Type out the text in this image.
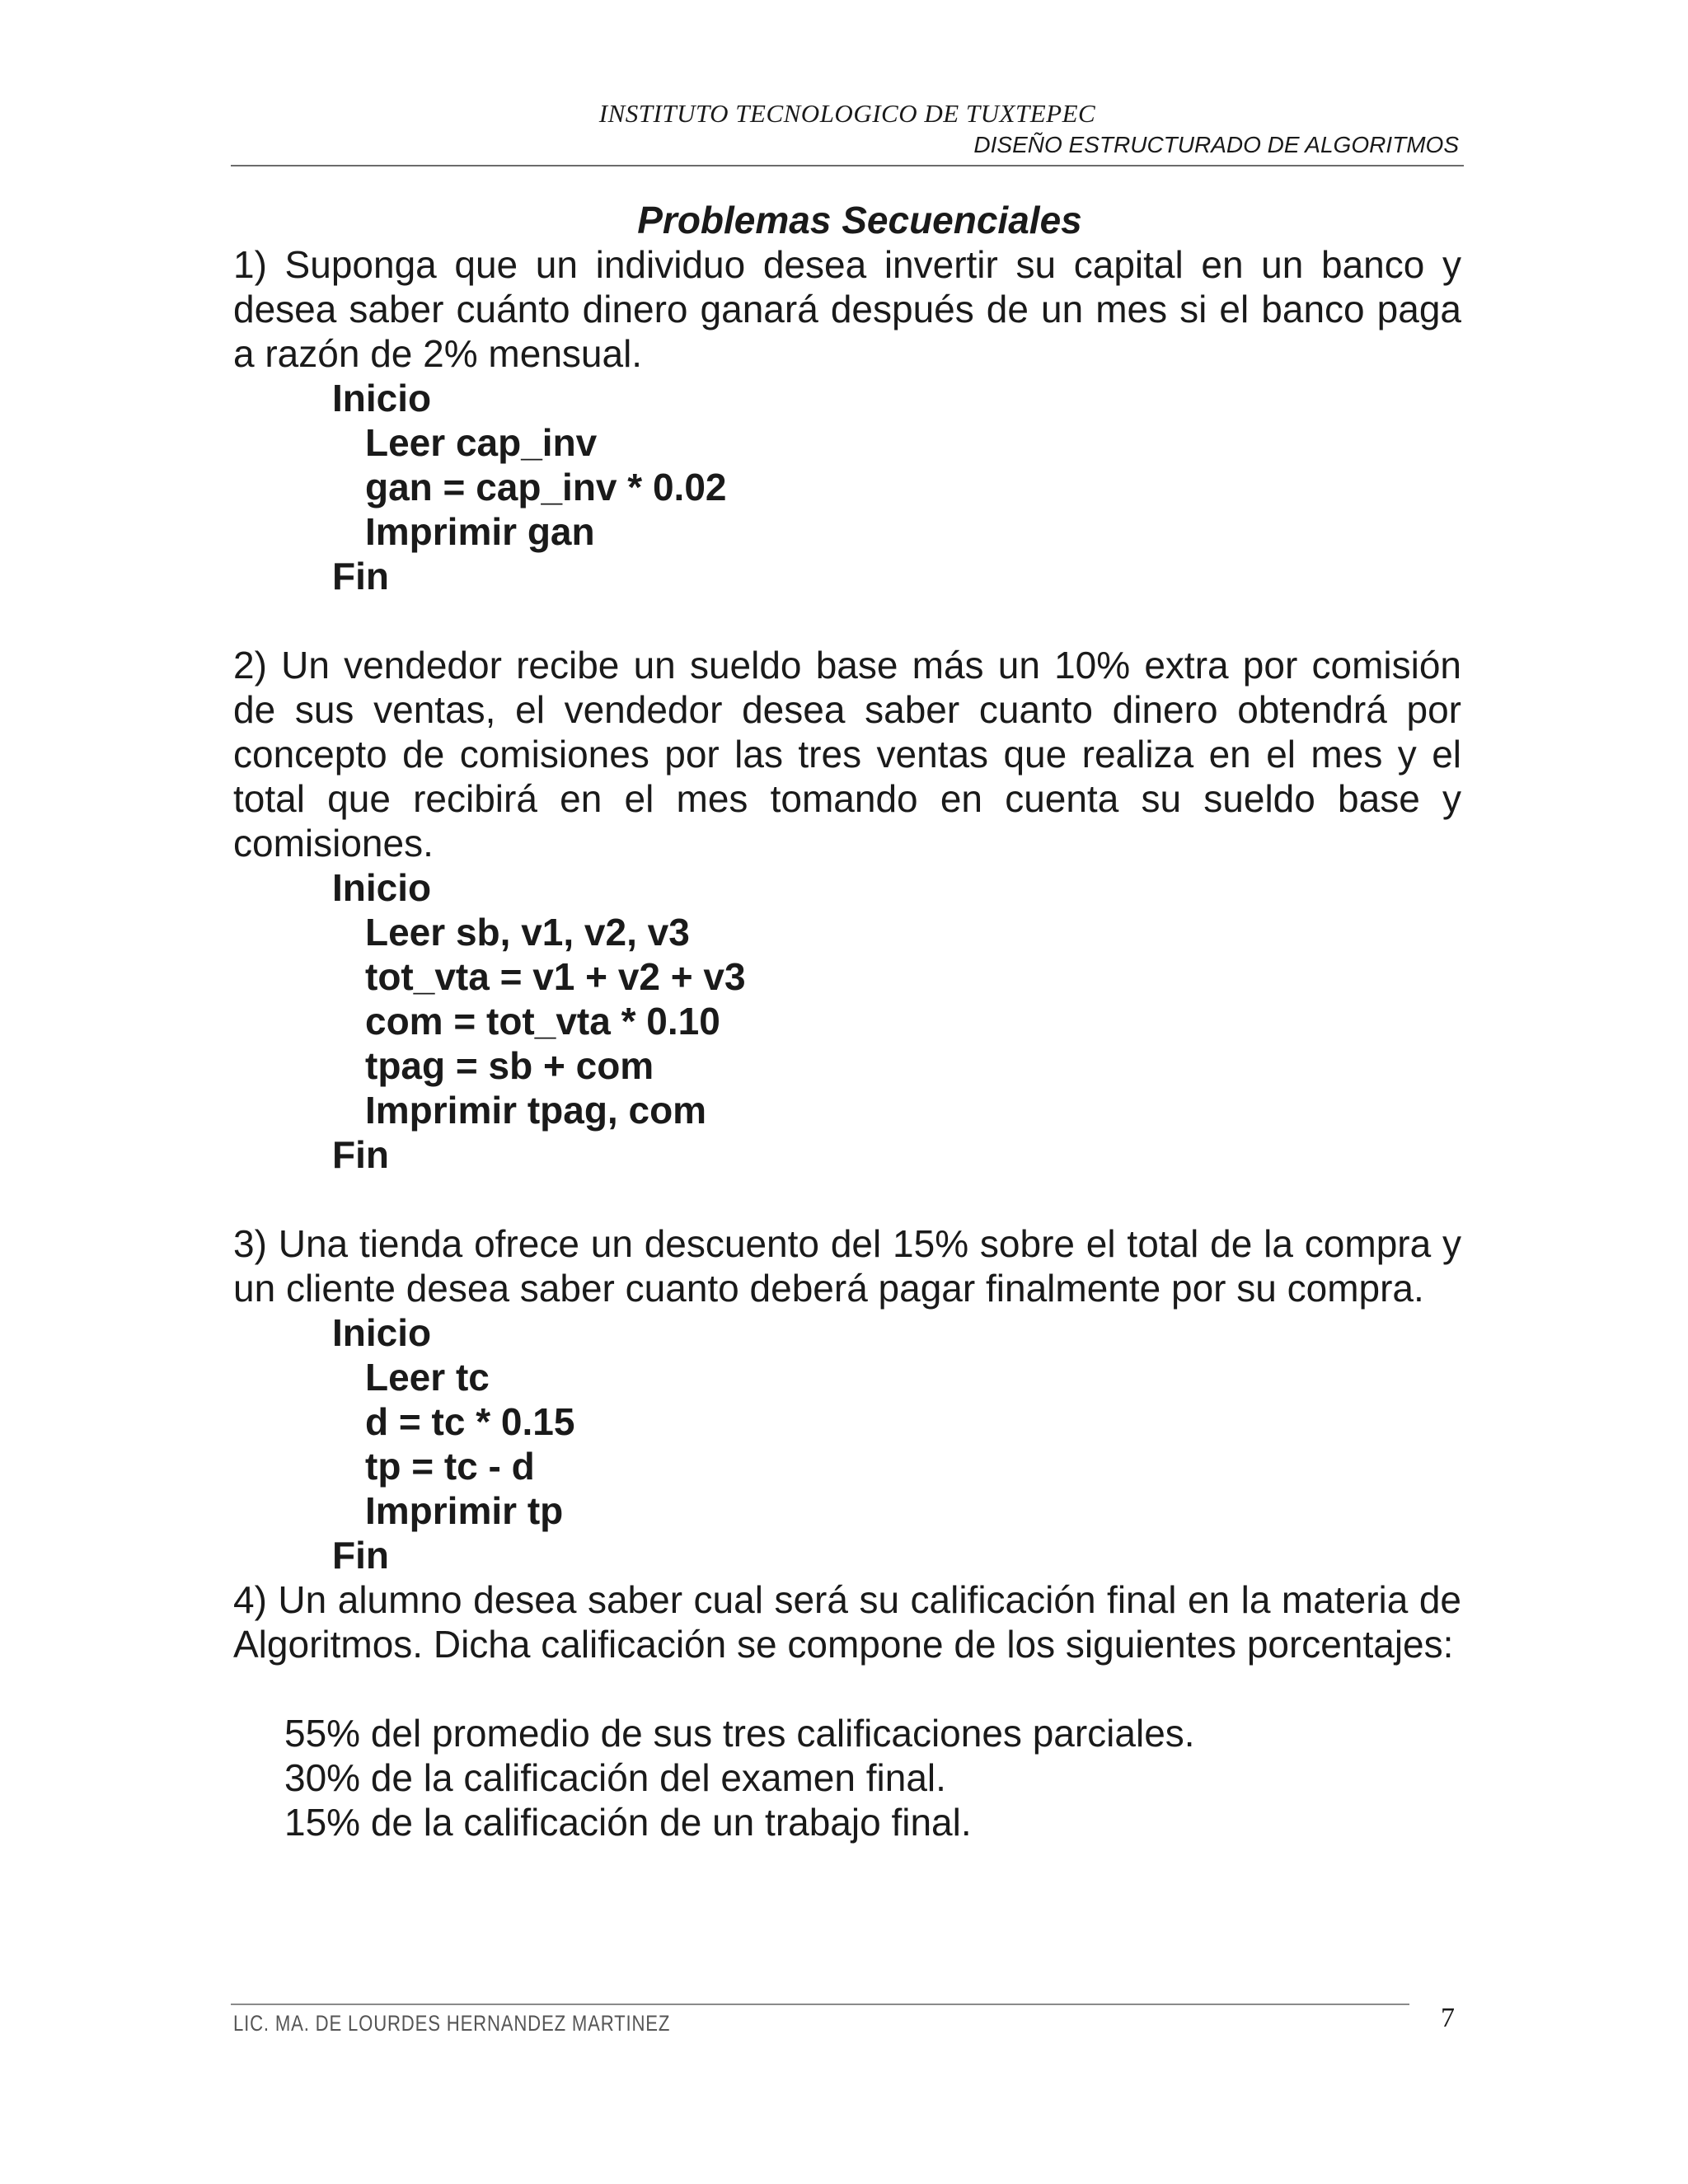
INSTITUTO TECNOLOGICO DE TUXTEPEC
DISEÑO ESTRUCTURADO DE ALGORITMOS
Problemas Secuenciales

1) Suponga que un individuo desea invertir su capital en un banco y desea saber cuánto dinero ganará después de un mes si el banco paga a razón de 2% mensual.

Inicio
Leer cap_inv
gan = cap_inv * 0.02
Imprimir gan
Fin

2) Un vendedor recibe un sueldo base más un 10% extra por comisión de sus ventas, el vendedor desea saber cuanto dinero obtendrá por concepto de comisiones por las tres ventas que realiza en el mes y el total que recibirá en el mes tomando en cuenta su sueldo base y comisiones.

Inicio
Leer sb, v1, v2, v3
tot_vta = v1 + v2 + v3
com = tot_vta * 0.10
tpag = sb + com
Imprimir tpag, com
Fin

3) Una tienda ofrece un descuento del 15% sobre el total de la compra y un cliente desea saber cuanto deberá pagar finalmente por su compra.

Inicio
Leer tc
d = tc * 0.15
tp = tc - d
Imprimir tp
Fin

4) Un alumno desea saber cual será su calificación final en la materia de Algoritmos. Dicha calificación se compone de los siguientes porcentajes:

55% del promedio de sus tres calificaciones parciales.
30% de la calificación del examen final.
15% de la calificación de un trabajo final.
LIC. MA. DE LOURDES HERNANDEZ MARTINEZ	7
